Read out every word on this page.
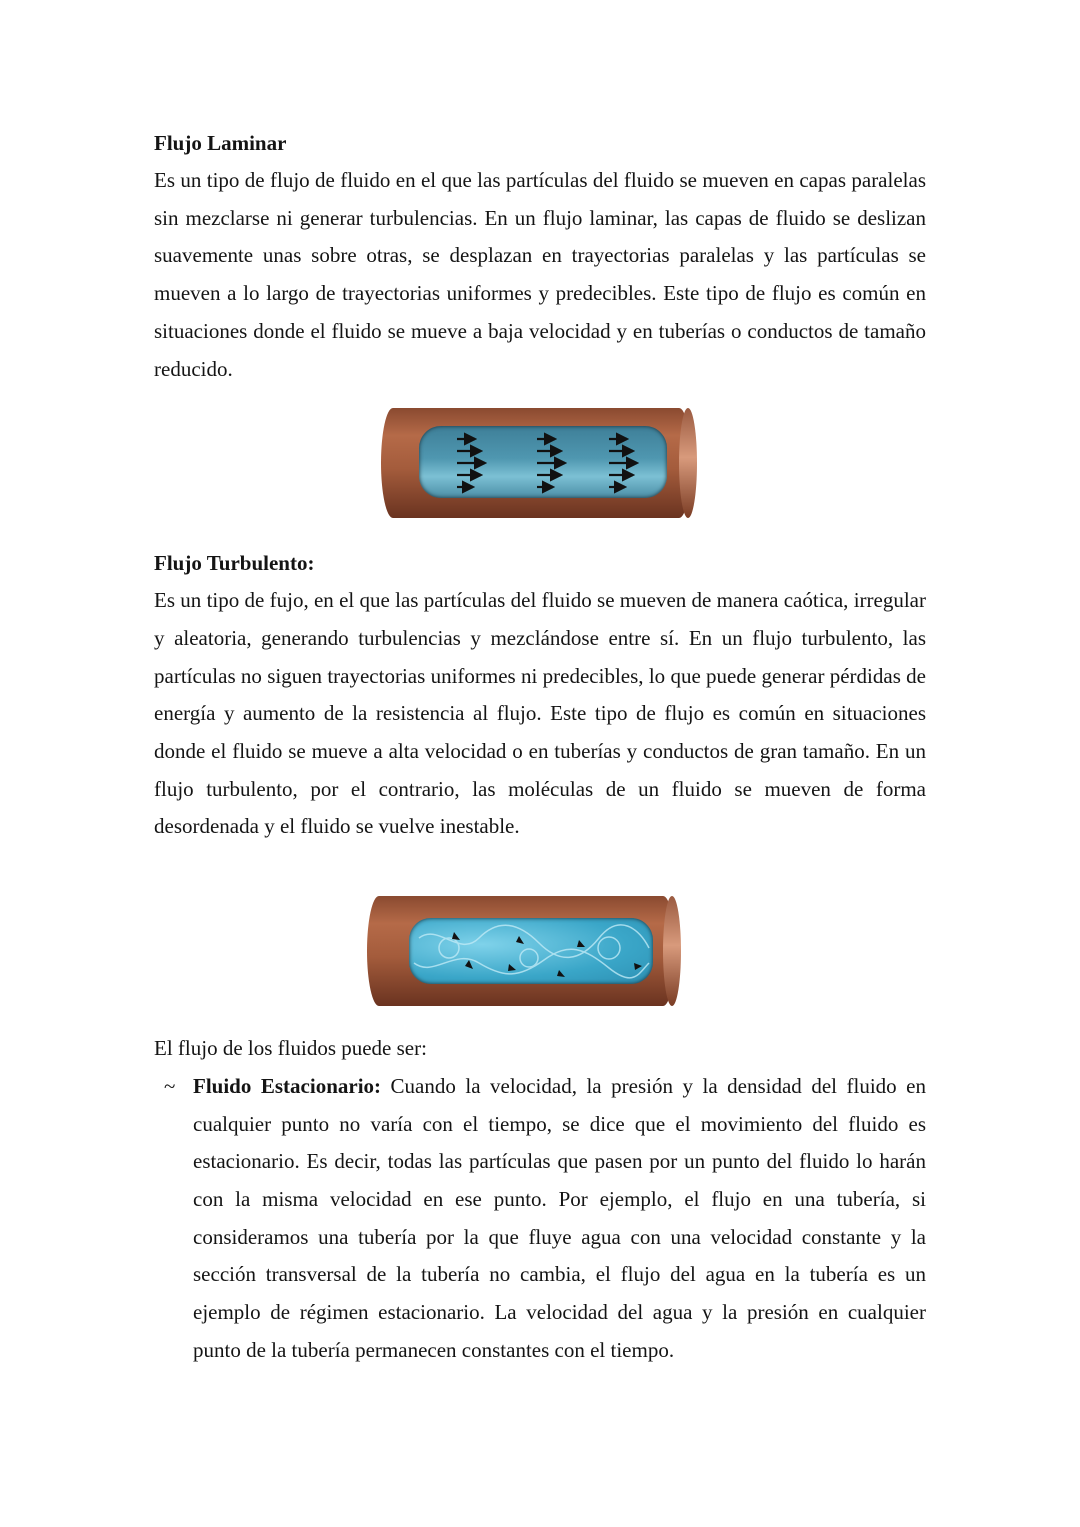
Flujo Laminar

Es un tipo de flujo de fluido en el que las partículas del fluido se mueven en capas paralelas sin mezclarse ni generar turbulencias. En un flujo laminar, las capas de fluido se deslizan suavemente unas sobre otras, se desplazan en trayectorias paralelas y las partículas se mueven a lo largo de trayectorias uniformes y predecibles. Este tipo de flujo es común en situaciones donde el fluido se mueve a baja velocidad y en tuberías o conductos de tamaño reducido.

Flujo Turbulento:

Es un tipo de fujo, en el que las partículas del fluido se mueven de manera caótica, irregular y aleatoria, generando turbulencias y mezclándose entre sí. En un flujo turbulento, las partículas no siguen trayectorias uniformes ni predecibles, lo que puede generar pérdidas de energía y aumento de la resistencia al flujo. Este tipo de flujo es común en situaciones donde el fluido se mueve a alta velocidad o en tuberías y conductos de gran tamaño. En un flujo turbulento, por el contrario, las moléculas de un fluido se mueven de forma desordenada y el fluido se vuelve inestable.

El flujo de los fluidos puede ser:

~ Fluido Estacionario: Cuando la velocidad, la presión y la densidad del fluido en cualquier punto no varía con el tiempo, se dice que el movimiento del fluido es estacionario. Es decir, todas las partículas que pasen por un punto del fluido lo harán con la misma velocidad en ese punto. Por ejemplo, el flujo en una tubería, si consideramos una tubería por la que fluye agua con una velocidad constante y la sección transversal de la tubería no cambia, el flujo del agua en la tubería es un ejemplo de régimen estacionario. La velocidad del agua y la presión en cualquier punto de la tubería permanecen constantes con el tiempo.
